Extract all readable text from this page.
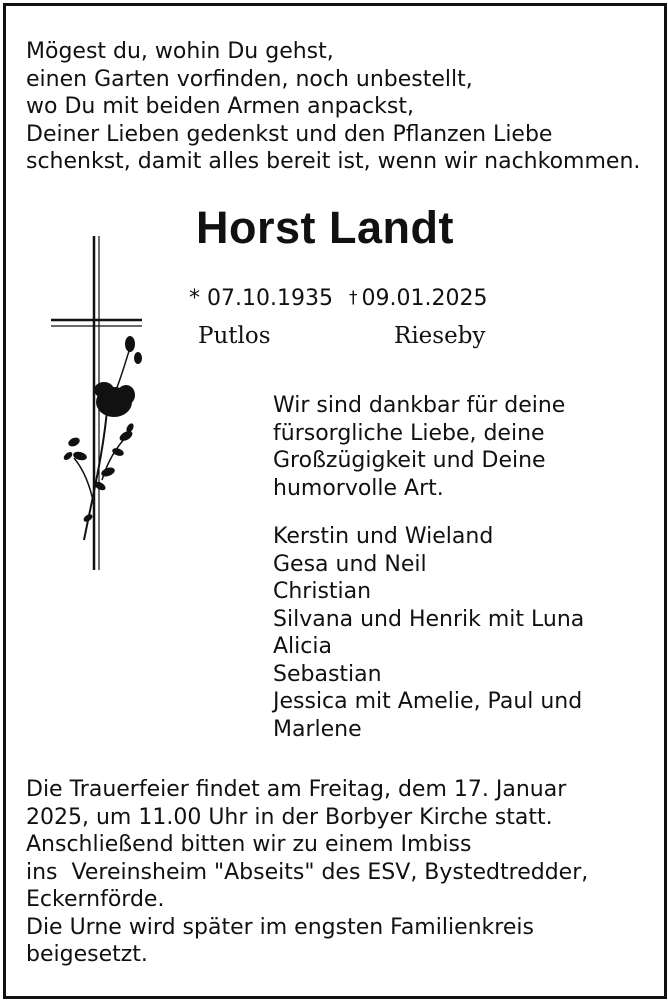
Mögest du, wohin Du gehst,
einen Garten vorfinden, noch unbestellt,
wo Du mit beiden Armen anpackst,
Deiner Lieben gedenkst und den Pflanzen Liebe
schenkst, damit alles bereit ist, wenn wir nachkommen.
Horst Landt
* 07.10.1935 † 09.01.2025
Putlos	Rieseby
Wir sind dankbar für deine
fürsorgliche Liebe, deine
Großzügigkeit und Deine
humorvolle Art.
Kerstin und Wieland
Gesa und Neil
Christian
Silvana und Henrik mit Luna
Alicia
Sebastian
Jessica mit Amelie, Paul und
Marlene
Die Trauerfeier findet am Freitag, dem 17. Januar
2025, um 11.00 Uhr in der Borbyer Kirche statt.
Anschließend bitten wir zu einem Imbiss
ins  Vereinsheim "Abseits" des ESV, Bystedtredder,
Eckernförde.
Die Urne wird später im engsten Familienkreis
beigesetzt.
